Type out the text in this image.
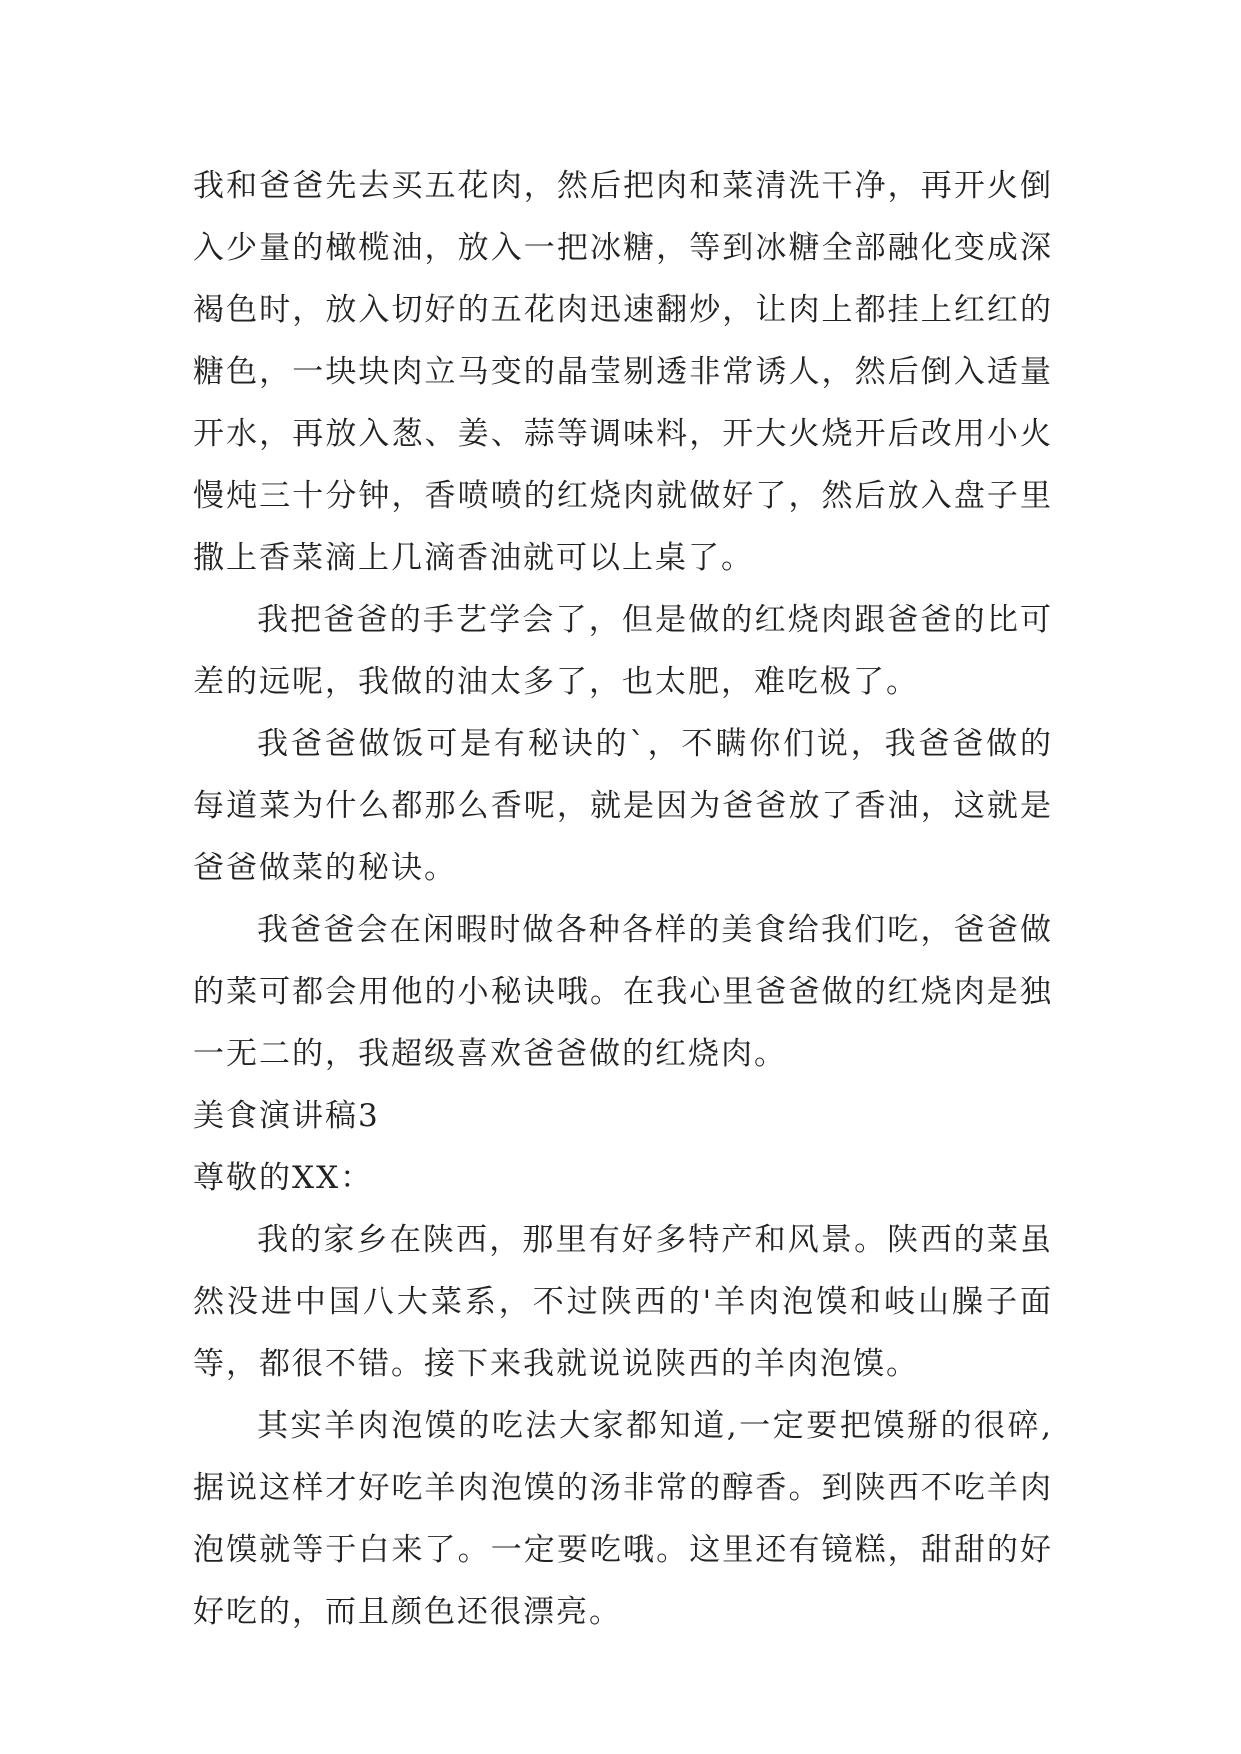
我和爸爸先去买五花肉，然后把肉和菜清洗干净，再开火倒入少量的橄榄油，放入一把冰糖，等到冰糖全部融化变成深褐色时，放入切好的五花肉迅速翻炒，让肉上都挂上红红的糖色，一块块肉立马变的晶莹剔透非常诱人，然后倒入适量开水，再放入葱、姜、蒜等调味料，开大火烧开后改用小火慢炖三十分钟，香喷喷的红烧肉就做好了，然后放入盘子里撒上香菜滴上几滴香油就可以上桌了。

我把爸爸的手艺学会了，但是做的红烧肉跟爸爸的比可差的远呢，我做的油太多了，也太肥，难吃极了。

我爸爸做饭可是有秘诀的`，不瞒你们说，我爸爸做的每道菜为什么都那么香呢，就是因为爸爸放了香油，这就是爸爸做菜的秘诀。

我爸爸会在闲暇时做各种各样的美食给我们吃，爸爸做的菜可都会用他的小秘诀哦。在我心里爸爸做的红烧肉是独一无二的，我超级喜欢爸爸做的红烧肉。

美食演讲稿3

尊敬的XX：

我的家乡在陕西，那里有好多特产和风景。陕西的菜虽然没进中国八大菜系，不过陕西的'羊肉泡馍和岐山臊子面等，都很不错。接下来我就说说陕西的羊肉泡馍。

其实羊肉泡馍的吃法大家都知道,一定要把馍掰的很碎,据说这样才好吃羊肉泡馍的汤非常的醇香。到陕西不吃羊肉泡馍就等于白来了。一定要吃哦。这里还有镜糕，甜甜的好好吃的，而且颜色还很漂亮。
